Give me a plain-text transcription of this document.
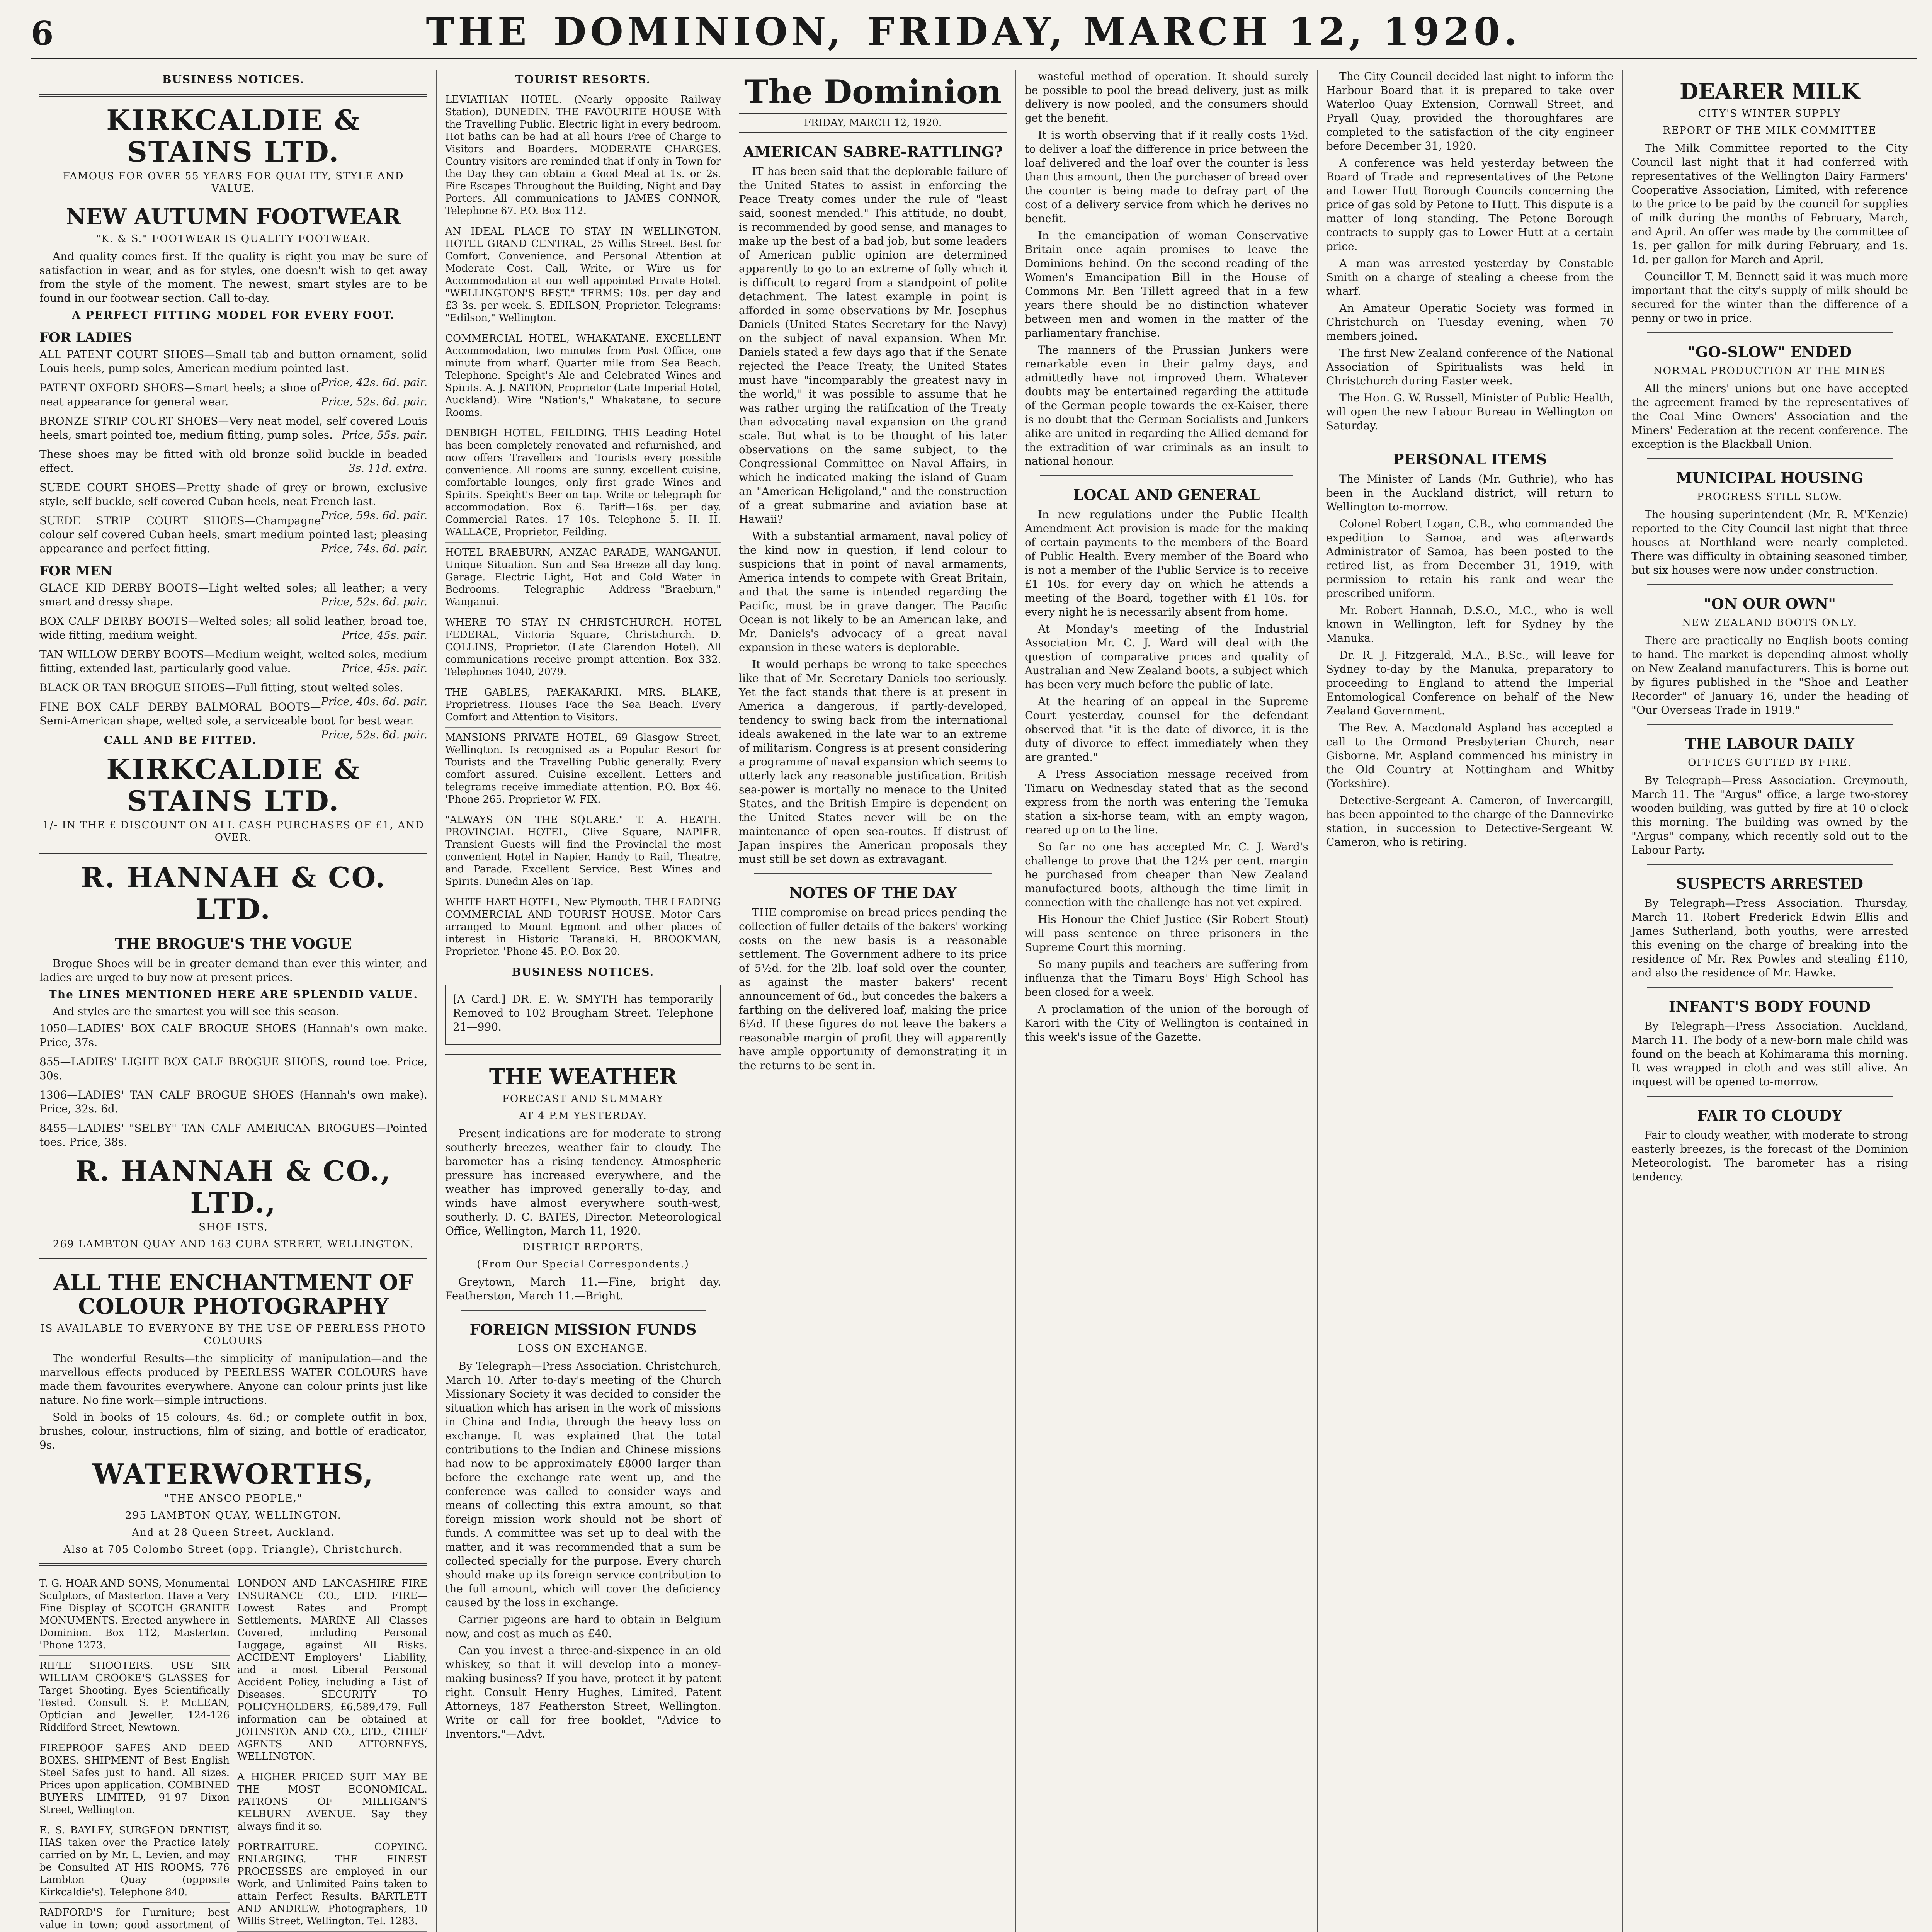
6	THE DOMINION, FRIDAY, MARCH 12, 1920.
BUSINESS NOTICES.
KIRKCALDIE & STAINS LTD.
FAMOUS FOR OVER 55 YEARS FOR QUALITY, STYLE AND VALUE.
NEW AUTUMN FOOTWEAR
"K. & S." FOOTWEAR IS QUALITY FOOTWEAR.

And quality comes first. If the quality is right you may be sure of satisfaction in wear, and as for styles, one doesn't wish to get away from the style of the moment. The newest, smart styles are to be found in our footwear section. Call to-day.

A PERFECT FITTING MODEL FOR EVERY FOOT.
FOR LADIES

ALL PATENT COURT SHOES—Small tab and button ornament, solid Louis heels, pump soles, American medium pointed last.
Price, 42s. 6d. pair.

PATENT OXFORD SHOES—Smart heels; a shoe of neat appearance for general wear.	Price, 52s. 6d. pair.

BRONZE STRIP COURT SHOES—Very neat model, self covered Louis heels, smart pointed toe, medium fitting, pump soles. Price, 55s. pair.

These shoes may be fitted with old bronze solid buckle in beaded effect.	3s. 11d. extra.

SUEDE COURT SHOES—Pretty shade of grey or brown, exclusive style, self buckle, self covered Cuban heels, neat French last.
Price, 59s. 6d. pair.

SUEDE STRIP COURT SHOES—Champagne colour self covered Cuban heels, smart medium pointed last; pleasing appearance and perfect fitting.	Price, 74s. 6d. pair.

FOR MEN

GLACE KID DERBY BOOTS—Light welted soles; all leather; a very smart and dressy shape.	Price, 52s. 6d. pair.

BOX CALF DERBY BOOTS—Welted soles; all solid leather, broad toe, wide fitting, medium weight.	Price, 45s. pair.

TAN WILLOW DERBY BOOTS—Medium weight, welted soles, medium fitting, extended last, particularly good value.	Price, 45s. pair.

BLACK OR TAN BROGUE SHOES—Full fitting, stout welted soles.
Price, 40s. 6d. pair.

FINE BOX CALF DERBY BALMORAL BOOTS—Semi-American shape, welted sole, a serviceable boot for best wear.
Price, 52s. 6d. pair.

CALL AND BE FITTED.
KIRKCALDIE & STAINS LTD.
1/- IN THE £ DISCOUNT ON ALL CASH PURCHASES OF £1, AND OVER.
R. HANNAH & CO. LTD.
THE BROGUE'S THE VOGUE

Brogue Shoes will be in greater demand than ever this winter, and ladies are urged to buy now at present prices.

The LINES MENTIONED HERE ARE SPLENDID VALUE.

And styles are the smartest you will see this season.

1050—LADIES' BOX CALF BROGUE SHOES (Hannah's own make. Price, 37s.

855—LADIES' LIGHT BOX CALF BROGUE SHOES, round toe. Price, 30s.

1306—LADIES' TAN CALF BROGUE SHOES (Hannah's own make). Price, 32s. 6d.

8455—LADIES' "SELBY" TAN CALF AMERICAN BROGUES—Pointed toes. Price, 38s.

R. HANNAH & CO., LTD.,
SHOE ISTS,
269 LAMBTON QUAY AND 163 CUBA STREET, WELLINGTON.
ALL THE ENCHANTMENT OF COLOUR PHOTOGRAPHY
IS AVAILABLE TO EVERYONE BY THE USE OF PEERLESS PHOTO COLOURS

The wonderful Results—the simplicity of manipulation—and the marvellous effects produced by PEERLESS WATER COLOURS have made them favourites everywhere. Anyone can colour prints just like nature. No fine work—simple intructions.

Sold in books of 15 colours, 4s. 6d.; or complete outfit in box, brushes, colour, instructions, film of sizing, and bottle of eradicator, 9s.

WATERWORTHS,
"THE ANSCO PEOPLE,"
295 LAMBTON QUAY, WELLINGTON.
And at 28 Queen Street, Auckland.
Also at 705 Colombo Street (opp. Triangle), Christchurch.

T. G. HOAR AND SONS, Monumental Sculptors, of Masterton. Have a Very Fine Display of SCOTCH GRANITE MONUMENTS. Erected anywhere in Dominion. Box 112, Masterton. 'Phone 1273.

RIFLE SHOOTERS. USE SIR WILLIAM CROOKE'S GLASSES for Target Shooting. Eyes Scientifically Tested. Consult S. P. McLEAN, Optician and Jeweller, 124-126 Riddiford Street, Newtown.

FIREPROOF SAFES AND DEED BOXES. SHIPMENT of Best English Steel Safes just to hand. All sizes. Prices upon application. COMBINED BUYERS LIMITED, 91-97 Dixon Street, Wellington.

E. S. BAYLEY, SURGEON DENTIST, HAS taken over the Practice lately carried on by Mr. L. Levien, and may be Consulted AT HIS ROOMS, 776 Lambton Quay (opposite Kirkcaldie's). Telephone 840.

RADFORD'S for Furniture; best value in town; good assortment of

LONDON AND LANCASHIRE FIRE INSURANCE CO., LTD. FIRE—Lowest Rates and Prompt Settlements. MARINE—All Classes Covered, including Personal Luggage, against All Risks. ACCIDENT—Employers' Liability, and a most Liberal Personal Accident Policy, including a List of Diseases. SECURITY TO POLICYHOLDERS, £6,589,479. Full information can be obtained at JOHNSTON AND CO., LTD., CHIEF AGENTS AND ATTORNEYS, WELLINGTON.

A HIGHER PRICED SUIT MAY BE THE MOST ECONOMICAL. PATRONS OF MILLIGAN'S KELBURN AVENUE. Say they always find it so.

PORTRAITURE. COPYING. ENLARGING. THE FINEST PROCESSES are employed in our Work, and Unlimited Pains taken to attain Perfect Results. BARTLETT AND ANDREW, Photographers, 10 Willis Street, Wellington. Tel. 1283.

TOURIST RESORTS.

LEVIATHAN HOTEL. (Nearly opposite Railway Station), DUNEDIN. THE FAVOURITE HOUSE With the Travelling Public. Electric light in every bedroom. Hot baths can be had at all hours Free of Charge to Visitors and Boarders. MODERATE CHARGES. Country visitors are reminded that if only in Town for the Day they can obtain a Good Meal at 1s. or 2s. Fire Escapes Throughout the Building, Night and Day Porters. All communications to JAMES CONNOR, Telephone 67. P.O. Box 112.

AN IDEAL PLACE TO STAY IN WELLINGTON. HOTEL GRAND CENTRAL, 25 Willis Street. Best for Comfort, Convenience, and Personal Attention at Moderate Cost. Call, Write, or Wire us for Accommodation at our well appointed Private Hotel. "WELLINGTON'S BEST." TERMS: 10s. per day and £3 3s. per week. S. EDILSON, Proprietor. Telegrams: "Edilson," Wellington.

COMMERCIAL HOTEL, WHAKATANE. EXCELLENT Accommodation, two minutes from Post Office, one minute from wharf. Quarter mile from Sea Beach. Telephone. Speight's Ale and Celebrated Wines and Spirits. A. J. NATION, Proprietor (Late Imperial Hotel, Auckland). Wire "Nation's," Whakatane, to secure Rooms.

DENBIGH HOTEL, FEILDING. THIS Leading Hotel has been completely renovated and refurnished, and now offers Travellers and Tourists every possible convenience. All rooms are sunny, excellent cuisine, comfortable lounges, only first grade Wines and Spirits. Speight's Beer on tap. Write or telegraph for accommodation. Box 6. Tariff—16s. per day. Commercial Rates. 17 10s. Telephone 5. H. H. WALLACE, Proprietor, Feilding.

HOTEL BRAEBURN, ANZAC PARADE, WANGANUI. Unique Situation. Sun and Sea Breeze all day long. Garage. Electric Light, Hot and Cold Water in Bedrooms. Telegraphic Address—"Braeburn," Wanganui.

WHERE TO STAY IN CHRISTCHURCH. HOTEL FEDERAL, Victoria Square, Christchurch. D. COLLINS, Proprietor. (Late Clarendon Hotel). All communications receive prompt attention. Box 332. Telephones 1040, 2079.

THE GABLES, PAEKAKARIKI. MRS. BLAKE, Proprietress. Houses Face the Sea Beach. Every Comfort and Attention to Visitors.

MANSIONS PRIVATE HOTEL, 69 Glasgow Street, Wellington. Is recognised as a Popular Resort for Tourists and the Travelling Public generally. Every comfort assured. Cuisine excellent. Letters and telegrams receive immediate attention. P.O. Box 46. 'Phone 265. Proprietor W. FIX.

"ALWAYS ON THE SQUARE." T. A. HEATH. PROVINCIAL HOTEL, Clive Square, NAPIER. Transient Guests will find the Provincial the most convenient Hotel in Napier. Handy to Rail, Theatre, and Parade. Excellent Service. Best Wines and Spirits. Dunedin Ales on Tap.

WHITE HART HOTEL, New Plymouth. THE LEADING COMMERCIAL AND TOURIST HOUSE. Motor Cars arranged to Mount Egmont and other places of interest in Historic Taranaki. H. BROOKMAN, Proprietor. 'Phone 45. P.O. Box 20.

BUSINESS NOTICES.

[A Card.] DR. E. W. SMYTH has temporarily Removed to 102 Brougham Street. Telephone 21—990.

THE WEATHER
FORECAST AND SUMMARY
AT 4 P.M YESTERDAY.

Present indications are for moderate to strong southerly breezes, weather fair to cloudy. The barometer has a rising tendency. Atmospheric pressure has increased everywhere, and the weather has improved generally to-day, and winds have almost everywhere south-west, southerly. D. C. BATES, Director. Meteorological Office, Wellington, March 11, 1920.

DISTRICT REPORTS.
(From Our Special Correspondents.)

Greytown, March 11.—Fine, bright day. Featherston, March 11.—Bright.

FOREIGN MISSION FUNDS
LOSS ON EXCHANGE.

By Telegraph—Press Association. Christchurch, March 10. After to-day's meeting of the Church Missionary Society it was decided to consider the situation which has arisen in the work of missions in China and India, through the heavy loss on exchange. It was explained that the total contributions to the Indian and Chinese missions had now to be approximately £8000 larger than before the exchange rate went up, and the conference was called to consider ways and means of collecting this extra amount, so that foreign mission work should not be short of funds. A committee was set up to deal with the matter, and it was recommended that a sum be collected specially for the purpose. Every church should make up its foreign service contribution to the full amount, which will cover the deficiency caused by the loss in exchange.

Carrier pigeons are hard to obtain in Belgium now, and cost as much as £40.

Can you invest a three-and-sixpence in an old whiskey, so that it will develop into a money-making business? If you have, protect it by patent right. Consult Henry Hughes, Limited, Patent Attorneys, 187 Featherston Street, Wellington. Write or call for free booklet, "Advice to Inventors."—Advt.

The Dominion
FRIDAY, MARCH 12, 1920.
AMERICAN SABRE-RATTLING?

IT has been said that the deplorable failure of the United States to assist in enforcing the Peace Treaty comes under the rule of "least said, soonest mended." This attitude, no doubt, is recommended by good sense, and manages to make up the best of a bad job, but some leaders of American public opinion are determined apparently to go to an extreme of folly which it is difficult to regard from a standpoint of polite detachment. The latest example in point is afforded in some observations by Mr. Josephus Daniels (United States Secretary for the Navy) on the subject of naval expansion. When Mr. Daniels stated a few days ago that if the Senate rejected the Peace Treaty, the United States must have "incomparably the greatest navy in the world," it was possible to assume that he was rather urging the ratification of the Treaty than advocating naval expansion on the grand scale. But what is to be thought of his later observations on the same subject, to the Congressional Committee on Naval Affairs, in which he indicated making the island of Guam an "American Heligoland," and the construction of a great submarine and aviation base at Hawaii?

With a substantial armament, naval policy of the kind now in question, if lend colour to suspicions that in point of naval armaments, America intends to compete with Great Britain, and that the same is intended regarding the Pacific, must be in grave danger. The Pacific Ocean is not likely to be an American lake, and Mr. Daniels's advocacy of a great naval expansion in these waters is deplorable.

It would perhaps be wrong to take speeches like that of Mr. Secretary Daniels too seriously. Yet the fact stands that there is at present in America a dangerous, if partly-developed, tendency to swing back from the international ideals awakened in the late war to an extreme of militarism. Congress is at present considering a programme of naval expansion which seems to utterly lack any reasonable justification. British sea-power is mortally no menace to the United States, and the British Empire is dependent on the United States never will be on the maintenance of open sea-routes. If distrust of Japan inspires the American proposals they must still be set down as extravagant.

NOTES OF THE DAY

THE compromise on bread prices pending the collection of fuller details of the bakers' working costs on the new basis is a reasonable settlement. The Government adhere to its price of 5½d. for the 2lb. loaf sold over the counter, as against the master bakers' recent announcement of 6d., but concedes the bakers a farthing on the delivered loaf, making the price 6¼d. If these figures do not leave the bakers a reasonable margin of profit they will apparently have ample opportunity of demonstrating it in the returns to be sent in.

wasteful method of operation. It should surely be possible to pool the bread delivery, just as milk delivery is now pooled, and the consumers should get the benefit.

It is worth observing that if it really costs 1½d. to deliver a loaf the difference in price between the loaf delivered and the loaf over the counter is less than this amount, then the purchaser of bread over the counter is being made to defray part of the cost of a delivery service from which he derives no benefit.

In the emancipation of woman Conservative Britain once again promises to leave the Dominions behind. On the second reading of the Women's Emancipation Bill in the House of Commons Mr. Ben Tillett agreed that in a few years there should be no distinction whatever between men and women in the matter of the parliamentary franchise.

The manners of the Prussian Junkers were remarkable even in their palmy days, and admittedly have not improved them. Whatever doubts may be entertained regarding the attitude of the German people towards the ex-Kaiser, there is no doubt that the German Socialists and Junkers alike are united in regarding the Allied demand for the extradition of war criminals as an insult to national honour.

LOCAL AND GENERAL

In new regulations under the Public Health Amendment Act provision is made for the making of certain payments to the members of the Board of Public Health. Every member of the Board who is not a member of the Public Service is to receive £1 10s. for every day on which he attends a meeting of the Board, together with £1 10s. for every night he is necessarily absent from home.

At Monday's meeting of the Industrial Association Mr. C. J. Ward will deal with the question of comparative prices and quality of Australian and New Zealand boots, a subject which has been very much before the public of late.

At the hearing of an appeal in the Supreme Court yesterday, counsel for the defendant observed that "it is the date of divorce, it is the duty of divorce to effect immediately when they are granted."

A Press Association message received from Timaru on Wednesday stated that as the second express from the north was entering the Temuka station a six-horse team, with an empty wagon, reared up on to the line.

So far no one has accepted Mr. C. J. Ward's challenge to prove that the 12½ per cent. margin he purchased from cheaper than New Zealand manufactured boots, although the time limit in connection with the challenge has not yet expired.

His Honour the Chief Justice (Sir Robert Stout) will pass sentence on three prisoners in the Supreme Court this morning.

So many pupils and teachers are suffering from influenza that the Timaru Boys' High School has been closed for a week.

A proclamation of the union of the borough of Karori with the City of Wellington is contained in this week's issue of the Gazette.

The City Council decided last night to inform the Harbour Board that it is prepared to take over Waterloo Quay Extension, Cornwall Street, and Pryall Quay, provided the thoroughfares are completed to the satisfaction of the city engineer before December 31, 1920.

A conference was held yesterday between the Board of Trade and representatives of the Petone and Lower Hutt Borough Councils concerning the price of gas sold by Petone to Hutt. This dispute is a matter of long standing. The Petone Borough contracts to supply gas to Lower Hutt at a certain price.

A man was arrested yesterday by Constable Smith on a charge of stealing a cheese from the wharf.

An Amateur Operatic Society was formed in Christchurch on Tuesday evening, when 70 members joined.

The first New Zealand conference of the National Association of Spiritualists was held in Christchurch during Easter week.

The Hon. G. W. Russell, Minister of Public Health, will open the new Labour Bureau in Wellington on Saturday.

PERSONAL ITEMS

The Minister of Lands (Mr. Guthrie), who has been in the Auckland district, will return to Wellington to-morrow.

Colonel Robert Logan, C.B., who commanded the expedition to Samoa, and was afterwards Administrator of Samoa, has been posted to the retired list, as from December 31, 1919, with permission to retain his rank and wear the prescribed uniform.

Mr. Robert Hannah, D.S.O., M.C., who is well known in Wellington, left for Sydney by the Manuka.

Dr. R. J. Fitzgerald, M.A., B.Sc., will leave for Sydney to-day by the Manuka, preparatory to proceeding to England to attend the Imperial Entomological Conference on behalf of the New Zealand Government.

The Rev. A. Macdonald Aspland has accepted a call to the Ormond Presbyterian Church, near Gisborne. Mr. Aspland commenced his ministry in the Old Country at Nottingham and Whitby (Yorkshire).

Detective-Sergeant A. Cameron, of Invercargill, has been appointed to the charge of the Dannevirke station, in succession to Detective-Sergeant W. Cameron, who is retiring.

DEARER MILK
CITY'S WINTER SUPPLY
REPORT OF THE MILK COMMITTEE

The Milk Committee reported to the City Council last night that it had conferred with representatives of the Wellington Dairy Farmers' Cooperative Association, Limited, with reference to the price to be paid by the council for supplies of milk during the months of February, March, and April. An offer was made by the committee of 1s. per gallon for milk during February, and 1s. 1d. per gallon for March and April.

Councillor T. M. Bennett said it was much more important that the city's supply of milk should be secured for the winter than the difference of a penny or two in price.

"GO-SLOW" ENDED
NORMAL PRODUCTION AT THE MINES

All the miners' unions but one have accepted the agreement framed by the representatives of the Coal Mine Owners' Association and the Miners' Federation at the recent conference. The exception is the Blackball Union.

MUNICIPAL HOUSING
PROGRESS STILL SLOW.

The housing superintendent (Mr. R. M'Kenzie) reported to the City Council last night that three houses at Northland were nearly completed. There was difficulty in obtaining seasoned timber, but six houses were now under construction.

"ON OUR OWN"
NEW ZEALAND BOOTS ONLY.

There are practically no English boots coming to hand. The market is depending almost wholly on New Zealand manufacturers. This is borne out by figures published in the "Shoe and Leather Recorder" of January 16, under the heading of "Our Overseas Trade in 1919."

THE LABOUR DAILY
OFFICES GUTTED BY FIRE.

By Telegraph—Press Association. Greymouth, March 11. The "Argus" office, a large two-storey wooden building, was gutted by fire at 10 o'clock this morning. The building was owned by the "Argus" company, which recently sold out to the Labour Party.

SUSPECTS ARRESTED

By Telegraph—Press Association. Thursday, March 11. Robert Frederick Edwin Ellis and James Sutherland, both youths, were arrested this evening on the charge of breaking into the residence of Mr. Rex Powles and stealing £110, and also the residence of Mr. Hawke.

INFANT'S BODY FOUND

By Telegraph—Press Association. Auckland, March 11. The body of a new-born male child was found on the beach at Kohimarama this morning. It was wrapped in cloth and was still alive. An inquest will be opened to-morrow.

FAIR TO CLOUDY

Fair to cloudy weather, with moderate to strong easterly breezes, is the forecast of the Dominion Meteorologist. The barometer has a rising tendency.
